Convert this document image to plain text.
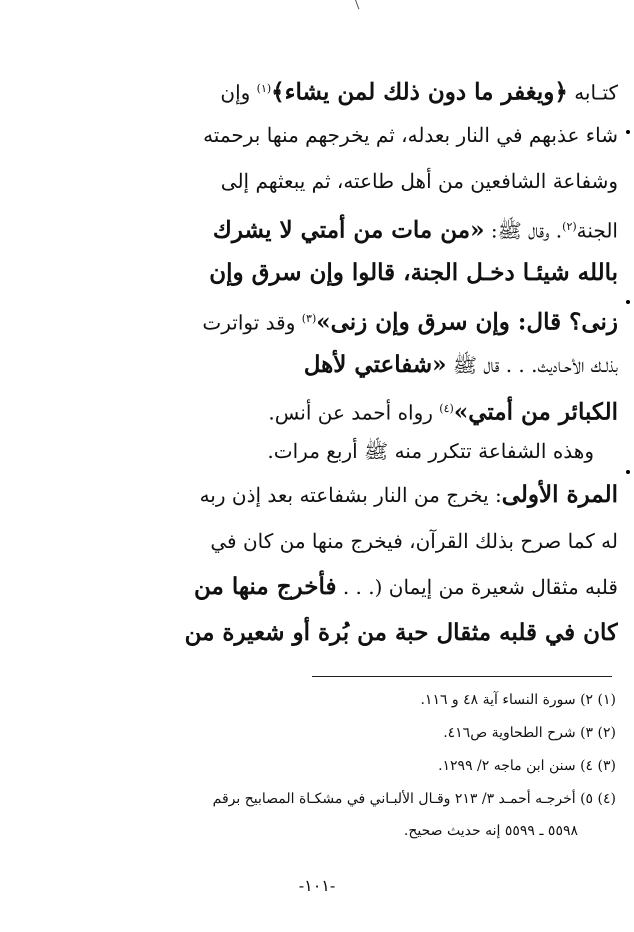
كتـابه ﴿ويغفر ما دون ذلك لمن يشاء﴾$^{(١)}$ وإن
شاء عذبهم في النار بعدله، ثم يخرجهم منها برحمته
وشفاعة الشافعين من أهل طاعته، ثم يبعثهم إلى
الجنة$^{(٢)}$. وقال ﷺ: «من مات من أمتي لا يشرك
بالله شيئـا دخـل الجنة، قالوا وإن سرق وإن
زنى؟ قال: وإن سرق وإن زنى»$^{(٣)}$ وقد تواترت
بذلـك الأحـاديث. . . قال ﷺ «شفاعتي لأهل
الكبائر من أمتي»$^{(٤)}$ رواه أحمد عن أنس.
وهذه الشفاعة تتكرر منه ﷺ أربع مرات.
المرة الأولى: يخرج من النار بشفاعته بعد إذن ربه
له كما صرح بذلك القرآن، فيخرج منها من كان في
قلبه مثقال شعيرة من إيمان (. . . فأخرج منها من
كان في قلبه مثقال حبة من بُرة أو شعيرة من
(١) ٢) سورة النساء آية ٤٨ و ١١٦.
(٢) ٣) شرح الطحاوية ص٤١٦.
(٣) ٤) سنن ابن ماجه ٢/ ١٢٩٩.
(٤) ٥) أخرجـه أحمـد ٣/ ٢١٣ وقـال الألبـاني في مشكـاة المصابيح برقم
٥٥٩٨ ـ ٥٥٩٩ إنه حديث صحيح.
-١٠١-
